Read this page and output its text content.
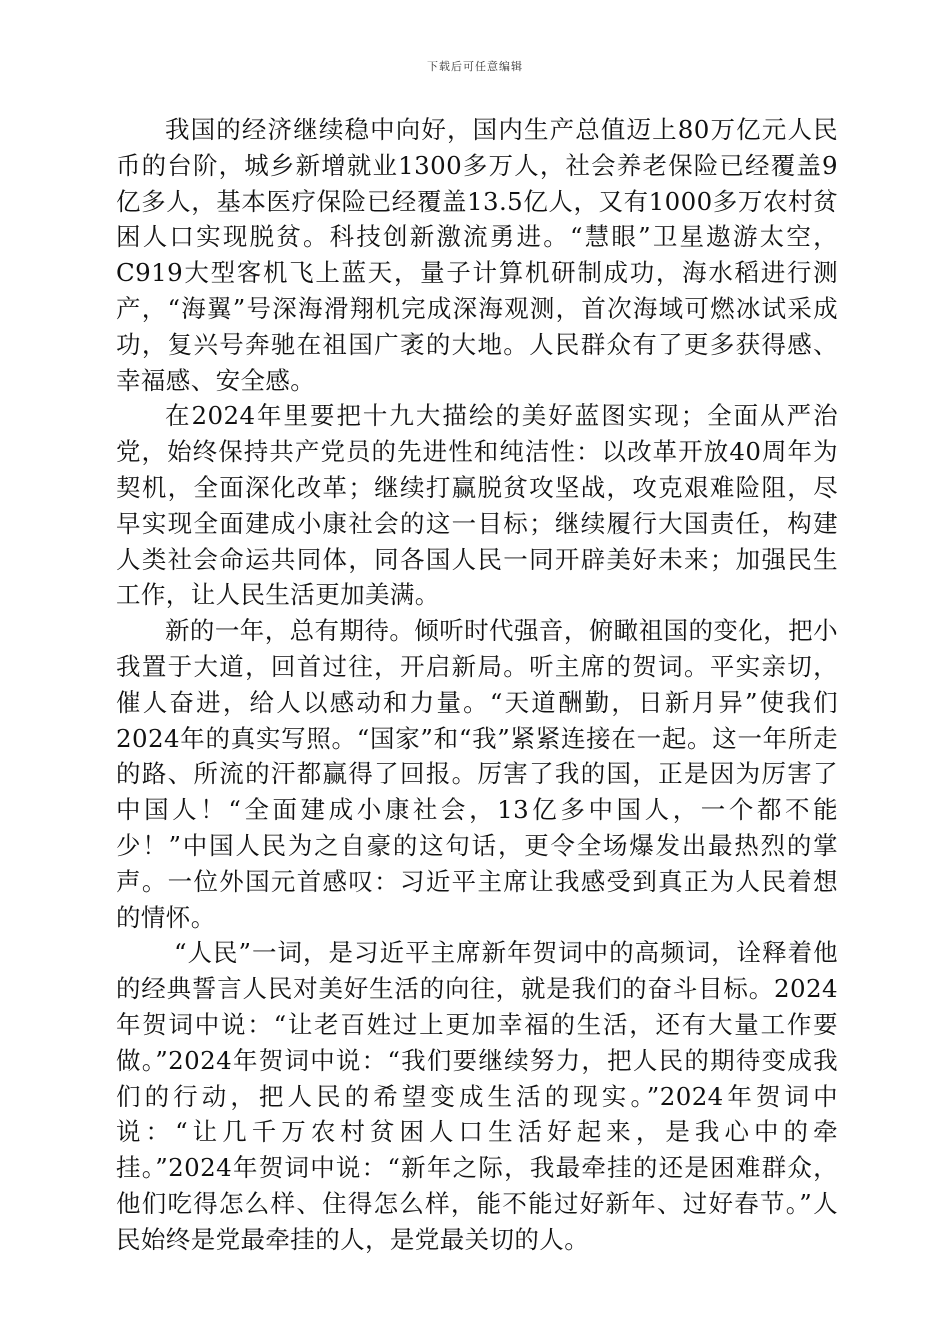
下载后可任意编辑

我国的经济继续稳中向好，国内生产总值迈上80万亿元人民币的台阶，城乡新增就业1300多万人，社会养老保险已经覆盖9亿多人，基本医疗保险已经覆盖13.5亿人，又有1000多万农村贫困人口实现脱贫。科技创新激流勇进。“慧眼”卫星遨游太空，C919大型客机飞上蓝天，量子计算机研制成功，海水稻进行测产，“海翼”号深海滑翔机完成深海观测，首次海域可燃冰试采成功，复兴号奔驰在祖国广袤的大地。人民群众有了更多获得感、幸福感、安全感。

在2024年里要把十九大描绘的美好蓝图实现；全面从严治党，始终保持共产党员的先进性和纯洁性：以改革开放40周年为契机，全面深化改革；继续打赢脱贫攻坚战，攻克艰难险阻，尽早实现全面建成小康社会的这一目标；继续履行大国责任，构建人类社会命运共同体，同各国人民一同开辟美好未来；加强民生工作，让人民生活更加美满。

新的一年，总有期待。倾听时代强音，俯瞰祖国的变化，把小我置于大道，回首过往，开启新局。听主席的贺词。平实亲切，催人奋进，给人以感动和力量。“天道酬勤，日新月异”使我们2024年的真实写照。“国家”和“我”紧紧连接在一起。这一年所走的路、所流的汗都赢得了回报。厉害了我的国，正是因为厉害了中国人！“全面建成小康社会，13亿多中国人，一个都不能少！”中国人民为之自豪的这句话，更令全场爆发出最热烈的掌声。一位外国元首感叹：习近平主席让我感受到真正为人民着想的情怀。

“人民”一词，是习近平主席新年贺词中的高频词，诠释着他的经典誓言人民对美好生活的向往，就是我们的奋斗目标。2024年贺词中说：“让老百姓过上更加幸福的生活，还有大量工作要做。”2024年贺词中说：“我们要继续努力，把人民的期待变成我们的行动，把人民的希望变成生活的现实。”2024年贺词中说：“让几千万农村贫困人口生活好起来，是我心中的牵挂。”2024年贺词中说：“新年之际，我最牵挂的还是困难群众，他们吃得怎么样、住得怎么样，能不能过好新年、过好春节。”人民始终是党最牵挂的人，是党最关切的人。
